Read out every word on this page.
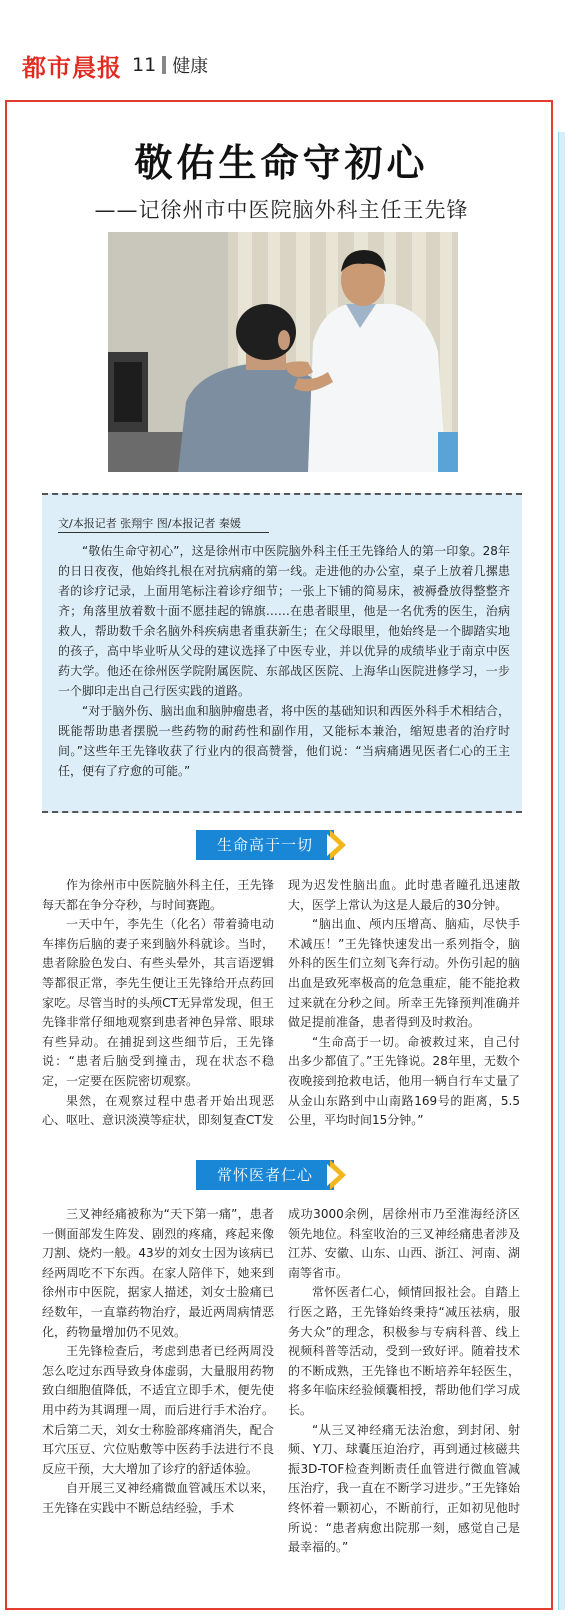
都市晨报 11 健康
敬佑生命守初心
——记徐州市中医院脑外科主任王先锋
文/本报记者 张翔宇 图/本报记者 秦媛

“敬佑生命守初心”，这是徐州市中医院脑外科主任王先锋给人的第一印象。28年的日日夜夜，他始终扎根在对抗病痛的第一线。走进他的办公室，桌子上放着几摞患者的诊疗记录，上面用笔标注着诊疗细节；一张上下铺的简易床，被褥叠放得整整齐齐；角落里放着数十面不愿挂起的锦旗……在患者眼里，他是一名优秀的医生，治病救人，帮助数千余名脑外科疾病患者重获新生；在父母眼里，他始终是一个脚踏实地的孩子，高中毕业听从父母的建议选择了中医专业，并以优异的成绩毕业于南京中医药大学。他还在徐州医学院附属医院、东部战区医院、上海华山医院进修学习，一步一个脚印走出自己行医实践的道路。

“对于脑外伤、脑出血和脑肿瘤患者，将中医的基础知识和西医外科手术相结合，既能帮助患者摆脱一些药物的耐药性和副作用，又能标本兼治，缩短患者的治疗时间。”这些年王先锋收获了行业内的很高赞誉，他们说：“当病痛遇见医者仁心的王主任，便有了疗愈的可能。”

生命高于一切

作为徐州市中医院脑外科主任，王先锋每天都在争分夺秒，与时间赛跑。

一天中午，李先生（化名）带着骑电动车摔伤后脑的妻子来到脑外科就诊。当时，患者除脸色发白、有些头晕外，其言语逻辑等都很正常，李先生便让王先锋给开点药回家吃。尽管当时的头颅CT无异常发现，但王先锋非常仔细地观察到患者神色异常、眼球有些异动。在捕捉到这些细节后，王先锋说：“患者后脑受到撞击，现在状态不稳定，一定要在医院密切观察。

果然，在观察过程中患者开始出现恶心、呕吐、意识淡漠等症状，即刻复查CT发

现为迟发性脑出血。此时患者瞳孔迅速散大，医学上常认为这是人最后的30分钟。

“脑出血、颅内压增高、脑疝，尽快手术减压！”王先锋快速发出一系列指令，脑外科的医生们立刻飞奔行动。外伤引起的脑出血是致死率极高的危急重症，能不能抢救过来就在分秒之间。所幸王先锋预判准确并做足提前准备，患者得到及时救治。

“生命高于一切。命被救过来，自己付出多少都值了。”王先锋说。28年里，无数个夜晚接到抢救电话，他用一辆自行车丈量了从金山东路到中山南路169号的距离，5.5公里，平均时间15分钟。”

常怀医者仁心

三叉神经痛被称为“天下第一痛”，患者一侧面部发生阵发、剧烈的疼痛，疼起来像刀割、烧灼一般。43岁的刘女士因为该病已经两周吃不下东西。在家人陪伴下，她来到徐州市中医院，据家人描述，刘女士脸痛已经数年，一直靠药物治疗，最近两周病情恶化，药物量增加仍不见效。

王先锋检查后，考虑到患者已经两周没怎么吃过东西导致身体虚弱，大量服用药物致白细胞值降低，不适宜立即手术，便先使用中药为其调理一周，而后进行手术治疗。术后第二天，刘女士称脸部疼痛消失，配合耳穴压豆、穴位贴敷等中医药手法进行不良反应干预，大大增加了诊疗的舒适体验。

自开展三叉神经痛微血管减压术以来，王先锋在实践中不断总结经验，手术

成功3000余例，居徐州市乃至淮海经济区领先地位。科室收治的三叉神经痛患者涉及江苏、安徽、山东、山西、浙江、河南、湖南等省市。

常怀医者仁心，倾情回报社会。自踏上行医之路，王先锋始终秉持“减压祛病，服务大众”的理念，积极参与专病科普、线上视频科普等活动，受到一致好评。随着技术的不断成熟，王先锋也不断培养年轻医生，将多年临床经验倾囊相授，帮助他们学习成长。

“从三叉神经痛无法治愈，到封闭、射频、Y刀、球囊压迫治疗，再到通过核磁共振3D-TOF检查判断责任血管进行微血管减压治疗，我一直在不断学习进步。”王先锋始终怀着一颗初心，不断前行，正如初见他时所说：“患者病愈出院那一刻，感觉自己是最幸福的。”
